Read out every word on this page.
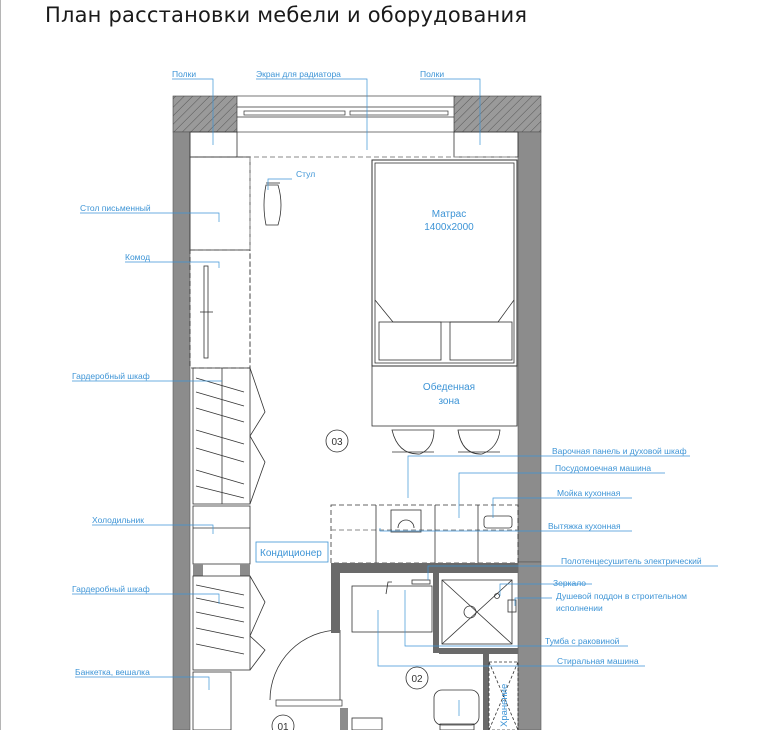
План расстановки мебели и оборудования
03
02
01
Полки	Экран для радиатора	Полки
Стул
Стол письменный
Комод
Гардеробный шкаф
Холодильник
Гардеробный шкаф
Банкетка, вешалка
Матрас
1400x2000
Обеденная
зона
Варочная панель и духовой шкаф
Посудомоечная машина
Мойка кухонная
Вытяжка кухонная
Кондиционер
Полотенцесушитель электрический
Зеркало
Душевой поддон в строительном
исполнении
Тумба с раковиной
Стиральная машина
Хранение
